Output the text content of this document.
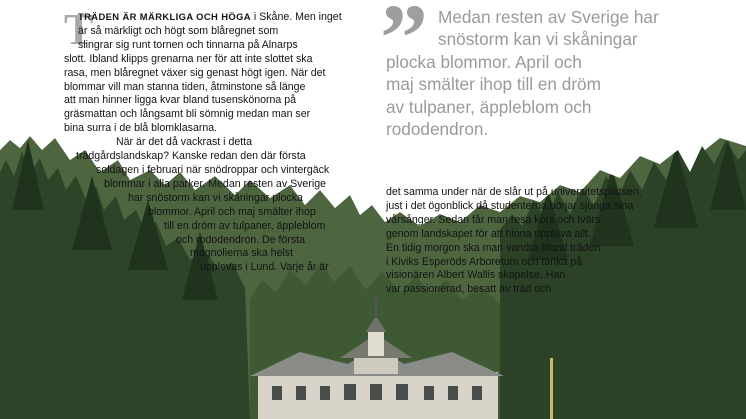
T
TRÄDEN ÄR MÄRKLIGA OCH HÖGA i Skåne. Men inget
är så märkligt och högt som blåregnet som
slingrar sig runt tornen och tinnarna på Alnarps
slott. Ibland klipps grenarna ner för att inte slottet ska
rasa, men blåregnet växer sig genast högt igen. När det
blommar vill man stanna tiden, åtminstone så länge
att man hinner ligga kvar bland tusenskönorna på
gräsmattan och långsamt bli sömnig medan man ser
bina surra i de blå blomklasarna.
När är det då vackrast i detta
trädgårdslandskap? Kanske redan den där första
soldagen i februari när snödroppar och vintergäck
blommar i alla parker. Medan resten av Sverige
har snöstorm kan vi skåningar plocka
blommor. April och maj smälter ihop
till en dröm av tulpaner, äppleblom
och rododendron. De första
magnolierna ska helst
upplevas i Lund. Varje år är
” Medan resten av Sverige har
snöstorm kan vi skåningar
plocka blommor. April och
maj smälter ihop till en dröm
av tulpaner, äppleblom och
rododendron.
det samma under när de slår ut på universitetsplatsen,
just i det ögonblick då studenterna börjar sjunga sina
vårsånger. Sedan får man resa kors och tvärs
genom landskapet för att hinna uppleva allt.
En tidig morgon ska man vandra bland träden
i Kiviks Esperöds Arboretum och tänka på
visionären Albert Wallis skapelse. Han
var passionerad, besatt av träd och
